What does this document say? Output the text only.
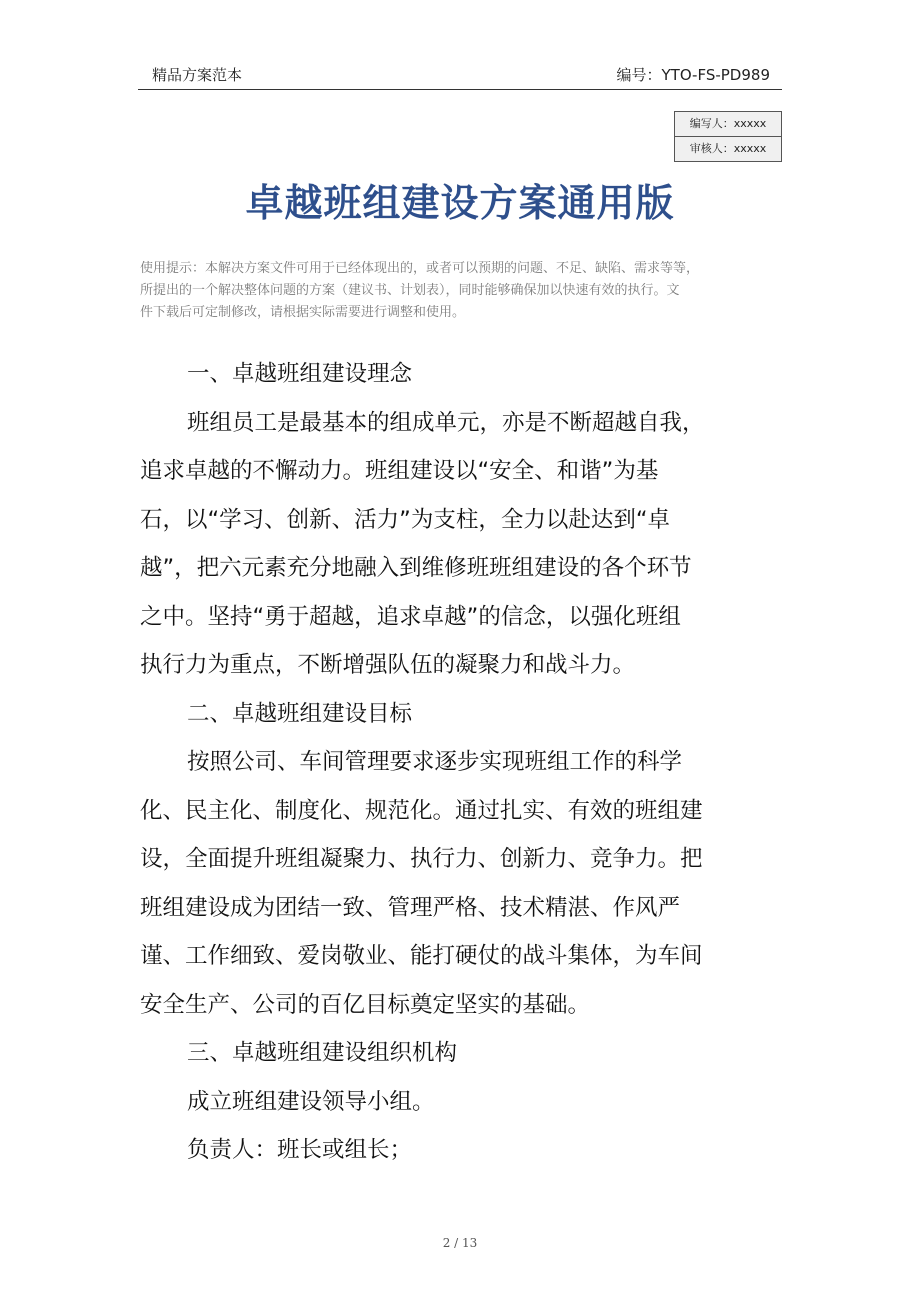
精品方案范本	编号：YTO-FS-PD989
编写人：xxxxx
审核人：xxxxx
卓越班组建设方案通用版
使用提示：本解决方案文件可用于已经体现出的，或者可以预期的问题、不足、缺陷、需求等等，
所提出的一个解决整体问题的方案（建议书、计划表），同时能够确保加以快速有效的执行。文
件下载后可定制修改，请根据实际需要进行调整和使用。
一、卓越班组建设理念
班组员工是最基本的组成单元，亦是不断超越自我，
追求卓越的不懈动力。班组建设以“安全、和谐”为基
石，以“学习、创新、活力”为支柱，全力以赴达到“卓
越”，把六元素充分地融入到维修班班组建设的各个环节
之中。坚持“勇于超越，追求卓越”的信念，以强化班组
执行力为重点，不断增强队伍的凝聚力和战斗力。
二、卓越班组建设目标
按照公司、车间管理要求逐步实现班组工作的科学
化、民主化、制度化、规范化。通过扎实、有效的班组建
设，全面提升班组凝聚力、执行力、创新力、竞争力。把
班组建设成为团结一致、管理严格、技术精湛、作风严
谨、工作细致、爱岗敬业、能打硬仗的战斗集体，为车间
安全生产、公司的百亿目标奠定坚实的基础。
三、卓越班组建设组织机构
成立班组建设领导小组。
负责人：班长或组长；
2 / 13
